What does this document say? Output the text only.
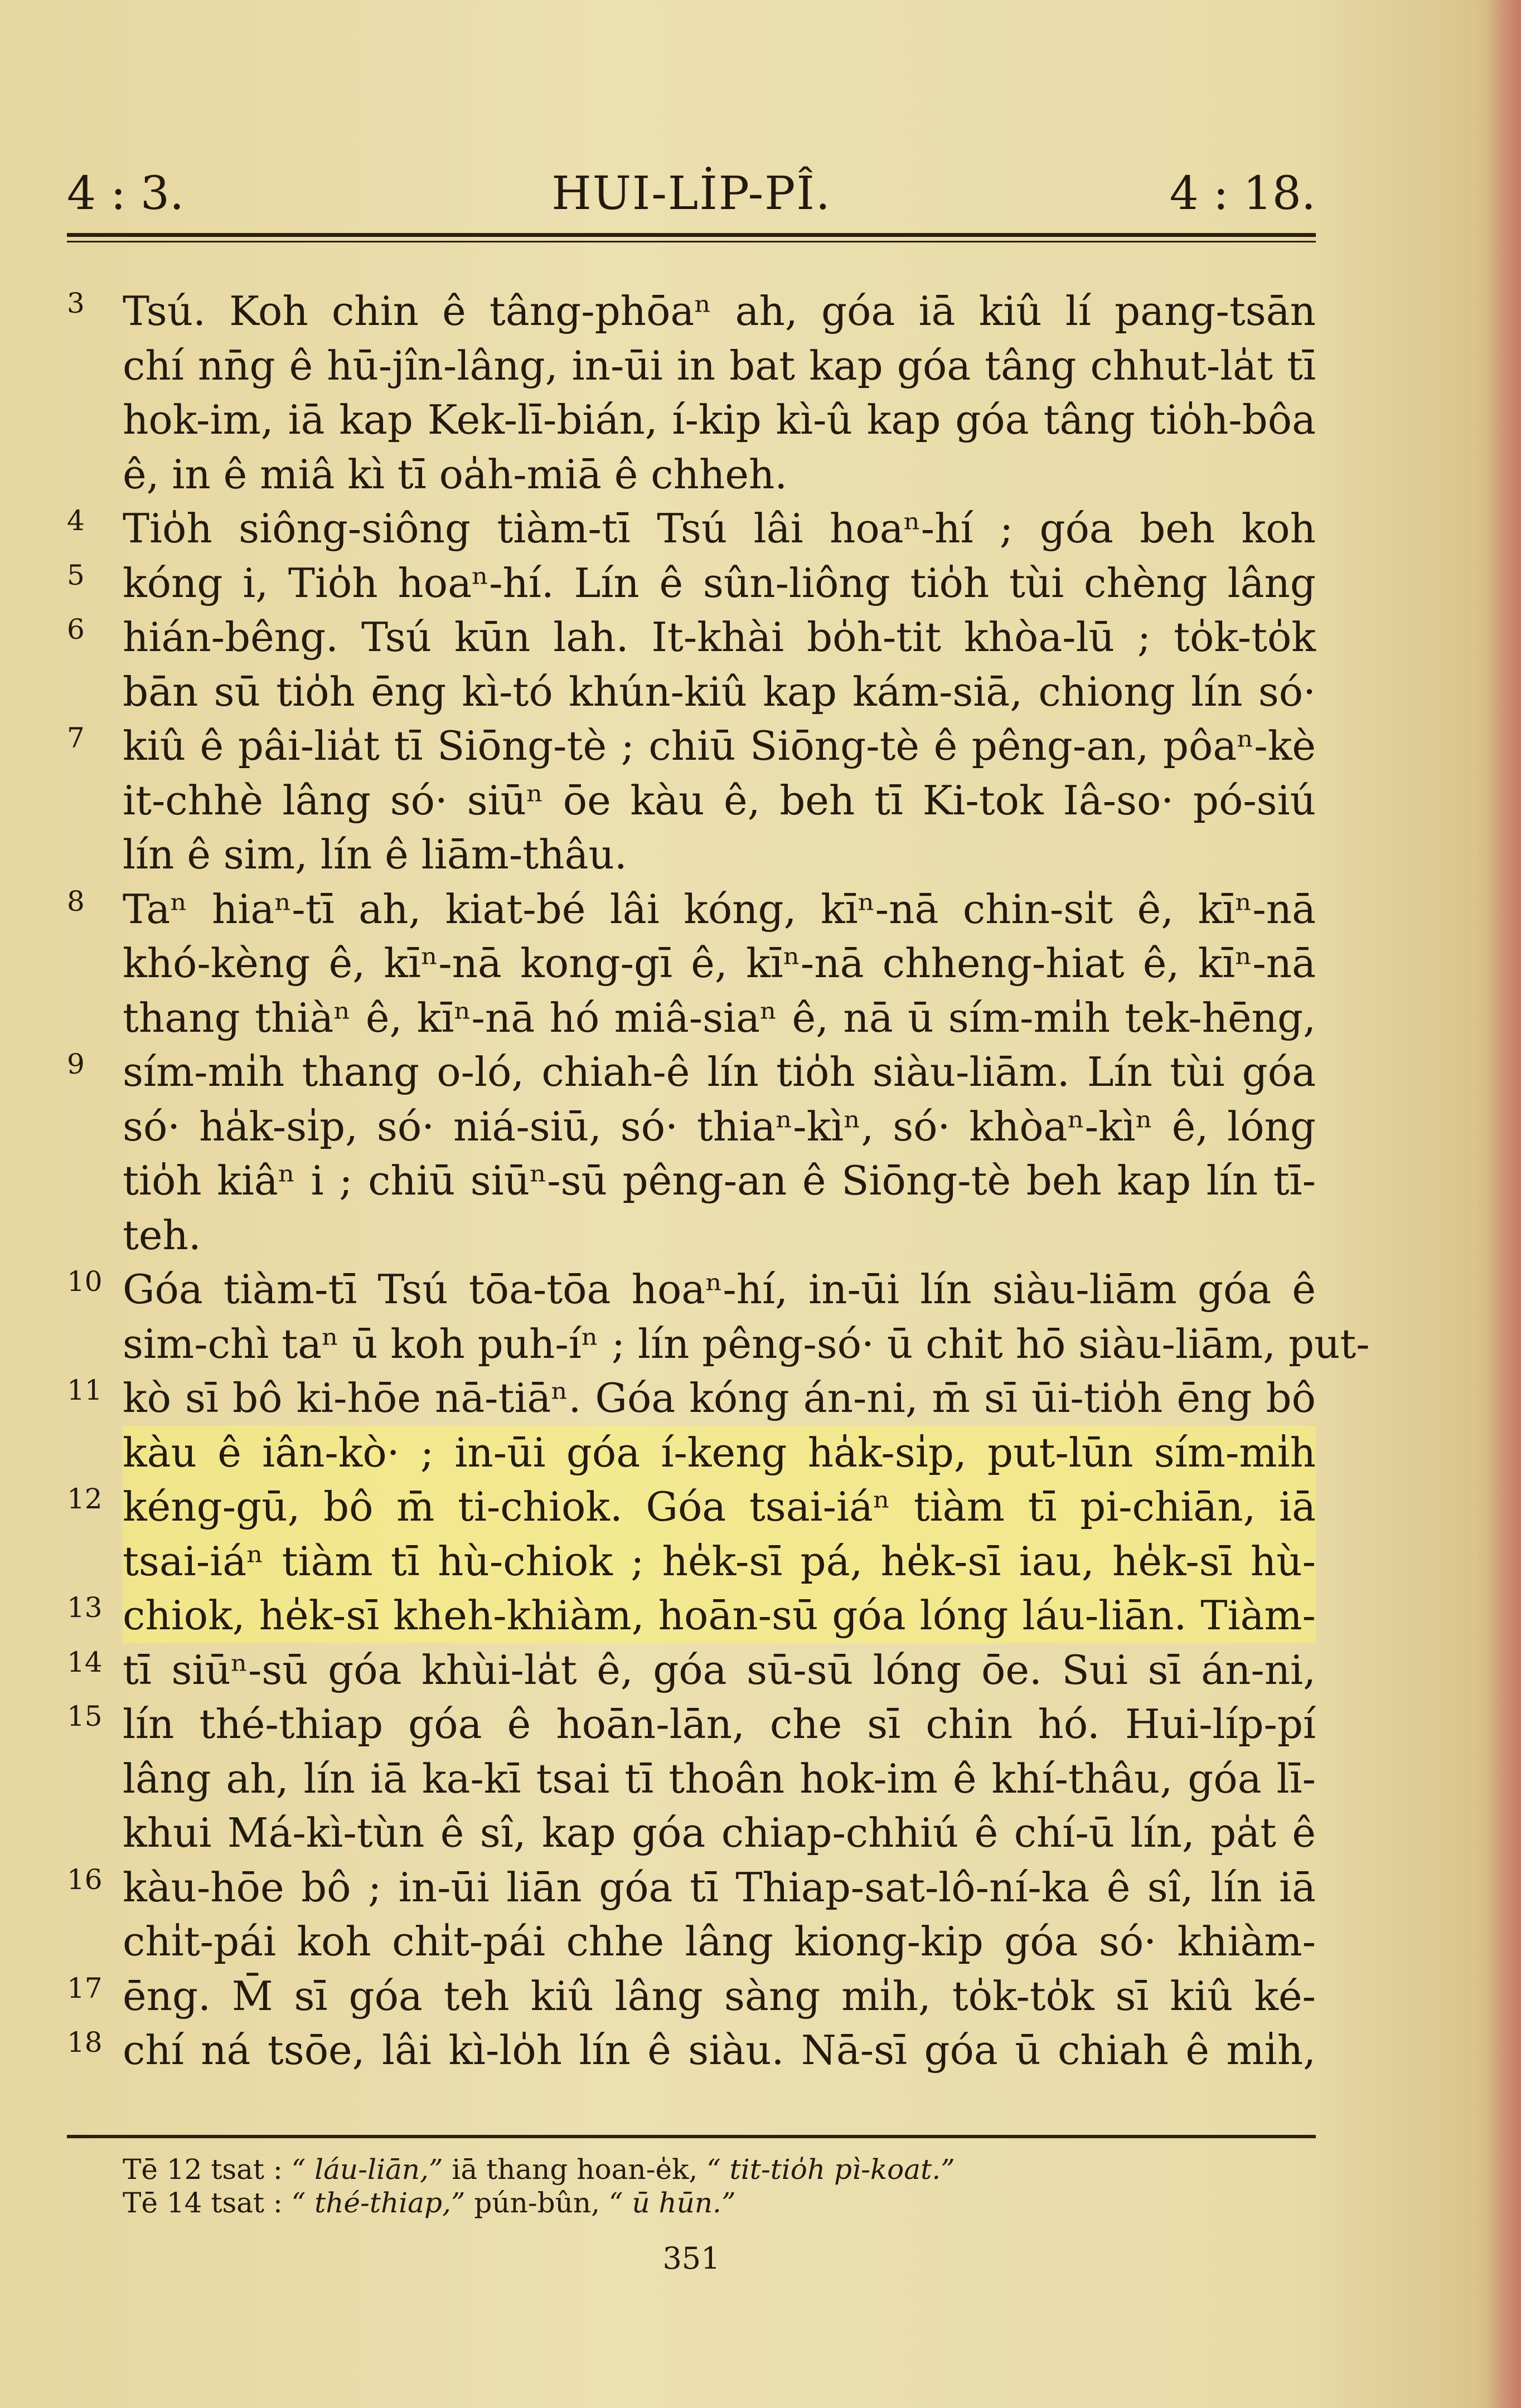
HUI-LİP-PÎ.
4 : 3.	4 : 18.
3 Tsú. Koh chin ê tâng-phōaⁿ ah, góa iā kiû lí pang-tsān
chí nn̄g ê hū-jîn-lâng, in-ūi in bat kap góa tâng chhut-la̍t tī
hok-im, iā kap Kek-lī-bián, í-kip kì-û kap góa tâng tio̍h-bôa
ê, in ê miâ kì tī oa̍h-miā ê chheh.
4 Tio̍h siông-siông tiàm-tī Tsú lâi hoaⁿ-hí ; góa beh koh
5 kóng i, Tio̍h hoaⁿ-hí. Lín ê sûn-liông tio̍h tùi chèng lâng
6 hián-bêng. Tsú kūn lah. It-khài bo̍h-tit khòa-lū ; to̍k-to̍k
bān sū tio̍h ēng kì-tó khún-kiû kap kám-siā, chiong lín só·
7 kiû ê pâi-lia̍t tī Siōng-tè ; chiū Siōng-tè ê pêng-an, pôaⁿ-kè
it-chhè lâng só· siūⁿ ōe kàu ê, beh tī Ki-tok Iâ-so· pó-siú
lín ê sim, lín ê liām-thâu.
8 Taⁿ hiaⁿ-tī ah, kiat-bé lâi kóng, kīⁿ-nā chin-si̍t ê, kīⁿ-nā
khó-kèng ê, kīⁿ-nā kong-gī ê, kīⁿ-nā chheng-hiat ê, kīⁿ-nā
thang thiàⁿ ê, kīⁿ-nā hó miâ-siaⁿ ê, nā ū sím-mi̍h tek-hēng,
9 sím-mi̍h thang o-ló, chiah-ê lín tio̍h siàu-liām. Lín tùi góa
só· ha̍k-si̍p, só· niá-siū, só· thiaⁿ-kìⁿ, só· khòaⁿ-kìⁿ ê, lóng
tio̍h kiâⁿ i ; chiū siūⁿ-sū pêng-an ê Siōng-tè beh kap lín tī-
teh.
10 Góa tiàm-tī Tsú tōa-tōa hoaⁿ-hí, in-ūi lín siàu-liām góa ê
sim-chì taⁿ ū koh puh-íⁿ ; lín pêng-só· ū chit hō siàu-liām, put-
11 kò sī bô ki-hōe nā-tiāⁿ. Góa kóng án-ni, m̄ sī ūi-tio̍h ēng bô
kàu ê iân-kò· ; in-ūi góa í-keng ha̍k-si̍p, put-lūn sím-mi̍h
12 kéng-gū, bô m̄ ti-chiok. Góa tsai-iáⁿ tiàm tī pi-chiān, iā
tsai-iáⁿ tiàm tī hù-chiok ; he̍k-sī pá, he̍k-sī iau, he̍k-sī hù-
13 chiok, he̍k-sī kheh-khiàm, hoān-sū góa lóng láu-liān. Tiàm-
14 tī siūⁿ-sū góa khùi-la̍t ê, góa sū-sū lóng ōe. Sui sī án-ni,
15 lín thé-thiap góa ê hoān-lān, che sī chin hó. Hui-líp-pí
lâng ah, lín iā ka-kī tsai tī thoân hok-im ê khí-thâu, góa lī-
khui Má-kì-tùn ê sî, kap góa chiap-chhiú ê chí-ū lín, pa̍t ê
16 kàu-hōe bô ; in-ūi liān góa tī Thiap-sat-lô-ní-ka ê sî, lín iā
chi̍t-pái koh chi̍t-pái chhe lâng kiong-kip góa só· khiàm-
17 ēng. M̄ sī góa teh kiû lâng sàng mi̍h, to̍k-to̍k sī kiû ké-
18 chí ná tsōe, lâi kì-lo̍h lín ê siàu. Nā-sī góa ū chiah ê mi̍h,
Tē 12 tsat : “ láu-liān,” iā thang hoan-e̍k, “ tit-tio̍h pì-koat.”
Tē 14 tsat : “ thé-thiap,” pún-bûn, “ ū hūn.”
351
